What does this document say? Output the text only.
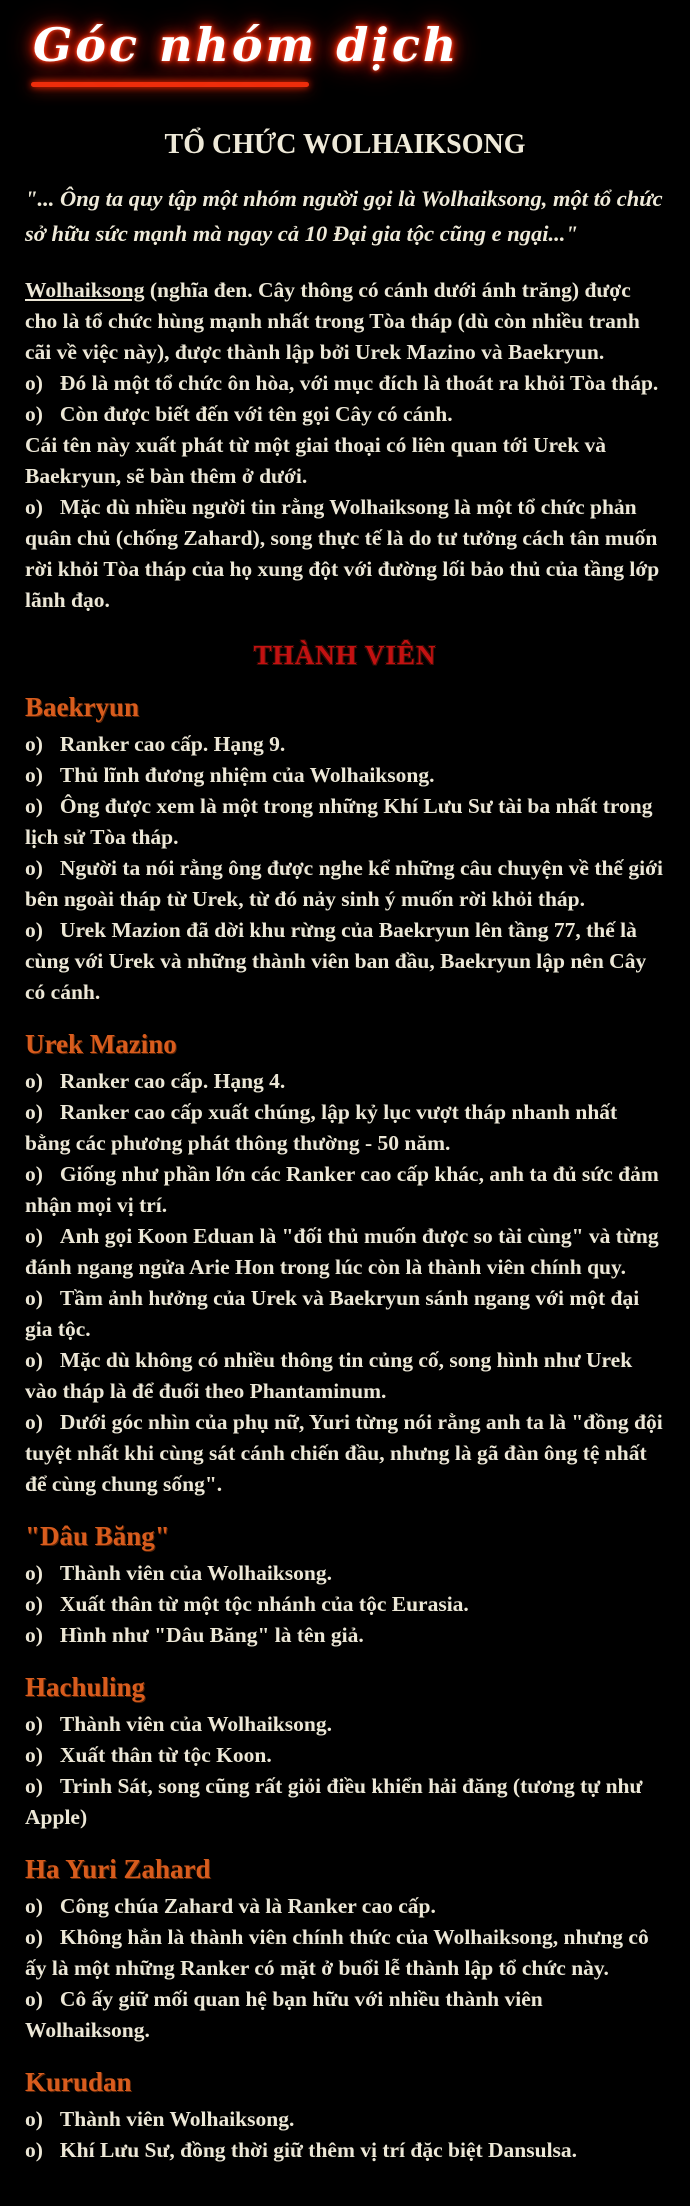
Góc nhóm dịch
TỔ CHỨC WOLHAIKSONG

"... Ông ta quy tập một nhóm người gọi là Wolhaiksong, một tổ chức sở hữu sức mạnh mà ngay cả 10 Đại gia tộc cũng e ngại..."

Wolhaiksong (nghĩa đen. Cây thông có cánh dưới ánh trăng) được cho là tổ chức hùng mạnh nhất trong Tòa tháp (dù còn nhiều tranh cãi về việc này), được thành lập bởi Urek Mazino và Baekryun.

o) Đó là một tổ chức ôn hòa, với mục đích là thoát ra khỏi Tòa tháp.

o) Còn được biết đến với tên gọi Cây có cánh.

Cái tên này xuất phát từ một giai thoại có liên quan tới Urek và Baekryun, sẽ bàn thêm ở dưới.

o) Mặc dù nhiều người tin rằng Wolhaiksong là một tổ chức phản quân chủ (chống Zahard), song thực tế là do tư tưởng cách tân muốn rời khỏi Tòa tháp của họ xung đột với đường lối bảo thủ của tầng lớp lãnh đạo.

THÀNH VIÊN
Baekryun

o) Ranker cao cấp. Hạng 9.

o) Thủ lĩnh đương nhiệm của Wolhaiksong.

o) Ông được xem là một trong những Khí Lưu Sư tài ba nhất trong lịch sử Tòa tháp.

o) Người ta nói rằng ông được nghe kể những câu chuyện về thế giới bên ngoài tháp từ Urek, từ đó nảy sinh ý muốn rời khỏi tháp.

o) Urek Mazion đã dời khu rừng của Baekryun lên tầng 77, thế là cùng với Urek và những thành viên ban đầu, Baekryun lập nên Cây có cánh.

Urek Mazino

o) Ranker cao cấp. Hạng 4.

o) Ranker cao cấp xuất chúng, lập kỷ lục vượt tháp nhanh nhất bằng các phương phát thông thường - 50 năm.

o) Giống như phần lớn các Ranker cao cấp khác, anh ta đủ sức đảm nhận mọi vị trí.

o) Anh gọi Koon Eduan là "đối thủ muốn được so tài cùng" và từng đánh ngang ngửa Arie Hon trong lúc còn là thành viên chính quy.

o) Tầm ảnh hưởng của Urek và Baekryun sánh ngang với một đại gia tộc.

o) Mặc dù không có nhiều thông tin củng cố, song hình như Urek vào tháp là để đuổi theo Phantaminum.

o) Dưới góc nhìn của phụ nữ, Yuri từng nói rằng anh ta là "đồng đội tuyệt nhất khi cùng sát cánh chiến đầu, nhưng là gã đàn ông tệ nhất để cùng chung sống".

"Dâu Băng"

o) Thành viên của Wolhaiksong.

o) Xuất thân từ một tộc nhánh của tộc Eurasia.

o) Hình như "Dâu Băng" là tên giả.

Hachuling

o) Thành viên của Wolhaiksong.

o) Xuất thân từ tộc Koon.

o) Trinh Sát, song cũng rất giỏi điều khiển hải đăng (tương tự như Apple)

Ha Yuri Zahard

o) Công chúa Zahard và là Ranker cao cấp.

o) Không hẳn là thành viên chính thức của Wolhaiksong, nhưng cô ấy là một những Ranker có mặt ở buổi lễ thành lập tổ chức này.

o) Cô ấy giữ mối quan hệ bạn hữu với nhiều thành viên Wolhaiksong.

Kurudan

o) Thành viên Wolhaiksong.

o) Khí Lưu Sư, đồng thời giữ thêm vị trí đặc biệt Dansulsa.
